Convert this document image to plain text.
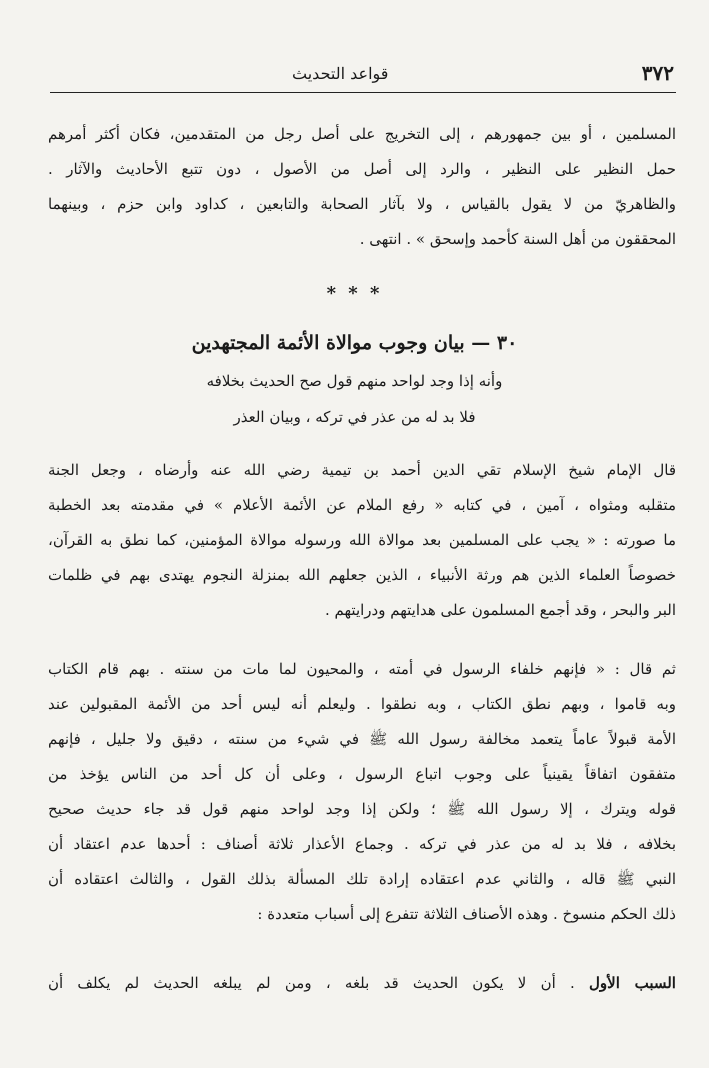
٣٧٢
قواعد التحديث
المسلمين ، أو بين جمهورهم ، إلى التخريج على أصل رجل من المتقدمين، فكان أكثر أمرهم
حمل النظير على النظير ، والرد إلى أصل من الأصول ، دون تتبع الأحاديث والآثار .
والظاهريّ من لا يقول بالقياس ، ولا بآثار الصحابة والتابعين ، كداود وابن حزم ، وبينهما
المحققون من أهل السنة كأحمد وإسحق » . انتهى .
* * *
٣٠ — بيان وجوب موالاة الأئمة المجتهدين
وأنه إذا وجد لواحد منهم قول صح الحديث بخلافه
فلا بد له من عذر في تركه ، وبيان العذر
قال الإمام شيخ الإسلام تقي الدين أحمد بن تيمية رضي الله عنه وأرضاه ، وجعل الجنة
متقلبه ومثواه ، آمين ، في كتابه « رفع الملام عن الأئمة الأعلام » في مقدمته بعد الخطبة
ما صورته : « يجب على المسلمين بعد موالاة الله ورسوله موالاة المؤمنين، كما نطق به القرآن،
خصوصاً العلماء الذين هم ورثة الأنبياء ، الذين جعلهم الله بمنزلة النجوم يهتدى بهم في ظلمات
البر والبحر ، وقد أجمع المسلمون على هدايتهم ودرايتهم .
ثم قال : « فإنهم خلفاء الرسول في أمته ، والمحيون لما مات من سنته . بهم قام الكتاب
وبه قاموا ، وبهم نطق الكتاب ، وبه نطقوا . وليعلم أنه ليس أحد من الأئمة المقبولين عند
الأمة قبولاً عاماً يتعمد مخالفة رسول الله ﷺ في شيء من سنته ، دقيق ولا جليل ، فإنهم
متفقون اتفاقاً يقينياً على وجوب اتباع الرسول ، وعلى أن كل أحد من الناس يؤخذ من
قوله ويترك ، إلا رسول الله ﷺ ؛ ولكن إذا وجد لواحد منهم قول قد جاء حديث صحيح
بخلافه ، فلا بد له من عذر في تركه . وجماع الأعذار ثلاثة أصناف : أحدها عدم اعتقاد أن
النبي ﷺ قاله ، والثاني عدم اعتقاده إرادة تلك المسألة بذلك القول ، والثالث اعتقاده أن
ذلك الحكم منسوخ . وهذه الأصناف الثلاثة تتفرع إلى أسباب متعددة :
السبب الأول . أن لا يكون الحديث قد بلغه ، ومن لم يبلغه الحديث لم يكلف أن
